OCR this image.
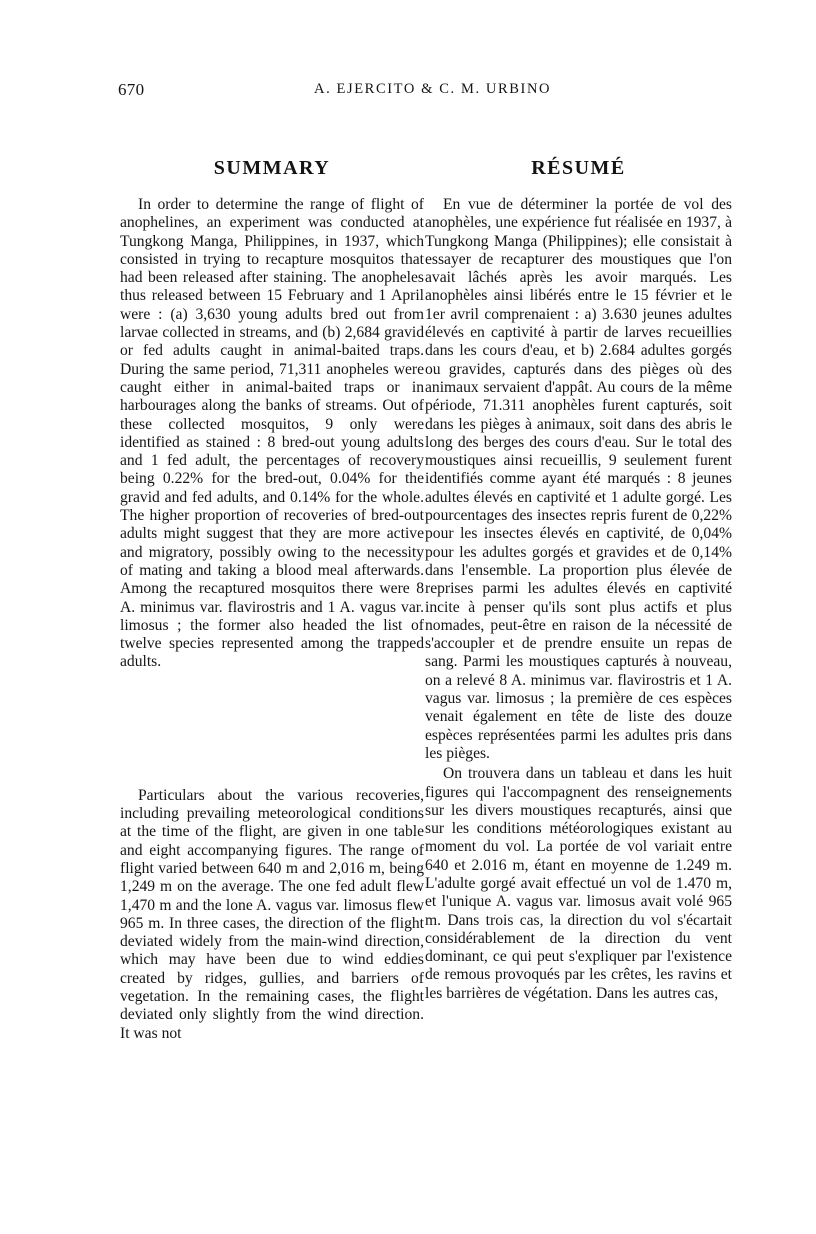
670	A. EJERCITO & C. M. URBINO
SUMMARY

In order to determine the range of flight of anophelines, an experiment was conducted at Tungkong Manga, Philippines, in 1937, which consisted in trying to recapture mosquitos that had been released after staining. The anopheles thus released between 15 February and 1 April were : (a) 3,630 young adults bred out from larvae collected in streams, and (b) 2,684 gravid or fed adults caught in animal-baited traps. During the same period, 71,311 anopheles were caught either in animal-baited traps or in harbourages along the banks of streams. Out of these collected mosquitos, 9 only were identified as stained : 8 bred-out young adults and 1 fed adult, the percentages of recovery being 0.22% for the bred-out, 0.04% for the gravid and fed adults, and 0.14% for the whole. The higher proportion of recoveries of bred-out adults might suggest that they are more active and migratory, possibly owing to the necessity of mating and taking a blood meal afterwards. Among the recaptured mosquitos there were 8 A. minimus var. flavirostris and 1 A. vagus var. limosus ; the former also headed the list of twelve species represented among the trapped adults.

Particulars about the various recoveries, including prevailing meteorological conditions at the time of the flight, are given in one table and eight accompanying figures. The range of flight varied between 640 m and 2,016 m, being 1,249 m on the average. The one fed adult flew 1,470 m and the lone A. vagus var. limosus flew 965 m. In three cases, the direction of the flight deviated widely from the main-wind direction, which may have been due to wind eddies created by ridges, gullies, and barriers of vegetation. In the remaining cases, the flight deviated only slightly from the wind direction. It was not

RÉSUMÉ

En vue de déterminer la portée de vol des anophèles, une expérience fut réalisée en 1937, à Tungkong Manga (Philippines); elle consistait à essayer de recapturer des moustiques que l'on avait lâchés après les avoir marqués. Les anophèles ainsi libérés entre le 15 février et le 1er avril comprenaient : a) 3.630 jeunes adultes élevés en captivité à partir de larves recueillies dans les cours d'eau, et b) 2.684 adultes gorgés ou gravides, capturés dans des pièges où des animaux servaient d'appât. Au cours de la même période, 71.311 anophèles furent capturés, soit dans les pièges à animaux, soit dans des abris le long des berges des cours d'eau. Sur le total des moustiques ainsi recueillis, 9 seulement furent identifiés comme ayant été marqués : 8 jeunes adultes élevés en captivité et 1 adulte gorgé. Les pourcentages des insectes repris furent de 0,22% pour les insectes élevés en captivité, de 0,04% pour les adultes gorgés et gravides et de 0,14% dans l'ensemble. La proportion plus élevée de reprises parmi les adultes élevés en captivité incite à penser qu'ils sont plus actifs et plus nomades, peut-être en raison de la nécessité de s'accoupler et de prendre ensuite un repas de sang. Parmi les moustiques capturés à nouveau, on a relevé 8 A. minimus var. flavirostris et 1 A. vagus var. limosus ; la première de ces espèces venait également en tête de liste des douze espèces représentées parmi les adultes pris dans les pièges.

On trouvera dans un tableau et dans les huit figures qui l'accompagnent des renseignements sur les divers moustiques recapturés, ainsi que sur les conditions météorologiques existant au moment du vol. La portée de vol variait entre 640 et 2.016 m, étant en moyenne de 1.249 m. L'adulte gorgé avait effectué un vol de 1.470 m, et l'unique A. vagus var. limosus avait volé 965 m. Dans trois cas, la direction du vol s'écartait considérablement de la direction du vent dominant, ce qui peut s'expliquer par l'existence de remous provoqués par les crêtes, les ravins et les barrières de végétation. Dans les autres cas,
